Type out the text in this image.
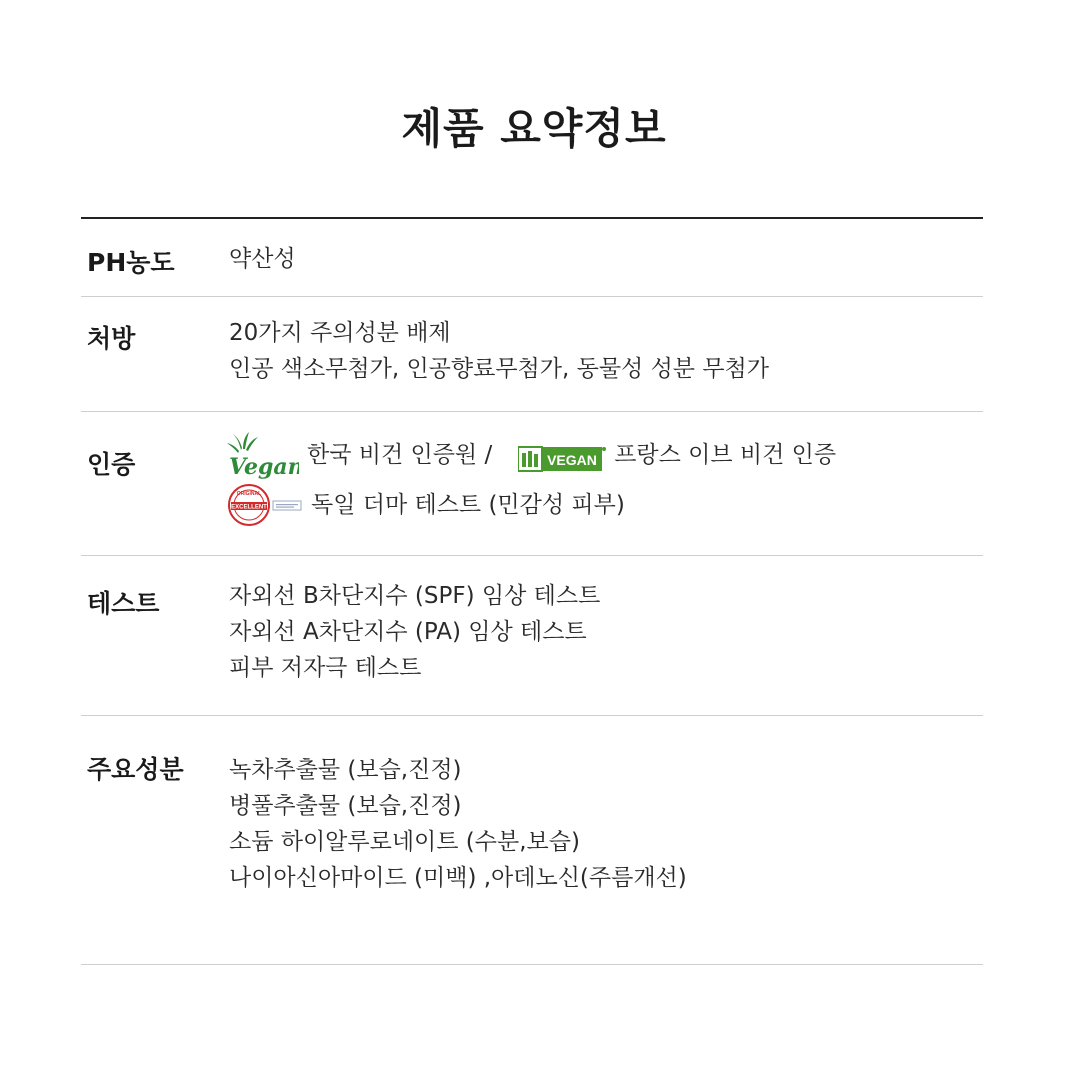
제품 요약정보
PH농도 약산성
처방	20가지 주의성분 배제
인공 색소무첨가, 인공향료무첨가, 동물성 성분 무첨가
인증	Vegan 한국 비건 인증원 /	VEGAN 프랑스 이브 비건 인증
ORIGINAL
EXCELLENT 독일 더마 테스트 (민감성 피부)
테스트	자외선 B차단지수 (SPF) 임상 테스트
자외선 A차단지수 (PA) 임상 테스트
피부 저자극 테스트
주요성분 녹차추출물 (보습,진정)
병풀추출물 (보습,진정)
소듐 하이알루로네이트 (수분,보습)
나이아신아마이드 (미백) ,아데노신(주름개선)
